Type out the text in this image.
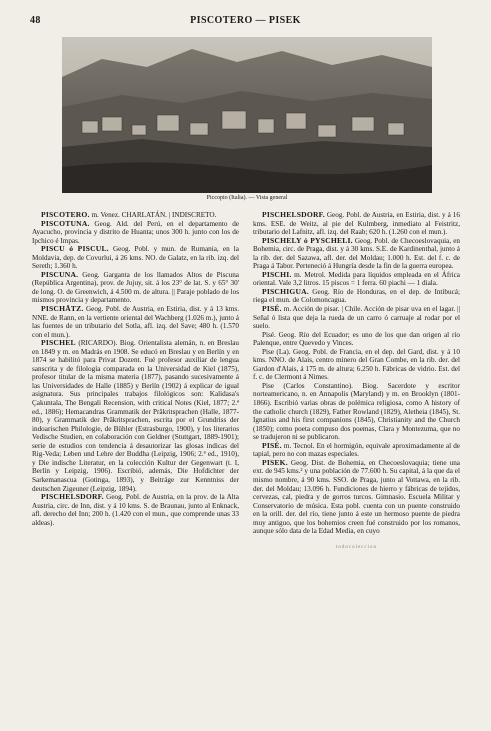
48	PISCOTERO — PISEK
Piccopio (Italia). — Vista general

PISCOTERO. m. Venez. CHARLATÁN. | INDISCRETO.

PISCOTUNA. Geog. Ald. del Perú, en el departamento de Ayacucho, provincia y distrito de Huanta; unos 300 h. junto con los de Ipchico é Impas.

PISCU ó PISCUL. Geog. Pobl. y mun. de Rumania, en la Moldavia, dep. de Covurlui, á 26 kms. NO. de Galatz, en la rib. izq. del Sereth; 1.360 h.

PISCUNA. Geog. Garganta de los llamados Altos de Piscuna (República Argentina), prov. de Jujuy, sit. á los 23° de lat. S. y 65° 30' de long. O. de Greenwich, á 4.500 m. de altura. || Paraje poblado de los mismos provincia y departamento.

PISCHÄTZ. Geog. Pobl. de Austria, en Estiria, dist. y á 13 kms. NNE. de Rann, en la vertiente oriental del Wachberg (1.026 m.), junto á las fuentes de un tributario del Sotla, afl. izq. del Save; 480 h. (1.570 con el mun.).

PISCHEL (RICARDO). Biog. Orientalista alemán, n. en Breslau en 1849 y m. en Madrás en 1908. Se educó en Breslau y en Berlín y en 1874 se habilitó para Privat Dozent. Fué profesor auxiliar de lengua sanscrita y de filología comparada en la Universidad de Kiel (1875), profesor titular de la misma materia (1877), pasando sucesivamente á las Universidades de Halle (1885) y Berlín (1902) á explicar de igual asignatura. Sus principales trabajos filológicos son: Kalidasa's Çakuntala, The Bengali Recension, with critical Notes (Kiel, 1877; 2.ª ed., 1886); Hemacandras Grammatik der Prâkritsprachen (Halle, 1877-80), y Grammatik der Prâkritsprachen, escrita por el Grundriss der indoarischen Philologie, de Bühler (Estrasburgo, 1900), y los literarios Vedische Studien, en colaboración con Geldner (Stuttgart, 1889-1901); serie de estudios con tendencia á desautorizar las glosas indicas del Rig-Veda; Leben und Lehre der Buddha (Leipzig, 1906; 2.ª ed., 1910), y Die indische Literatur, en la colección Kultur der Gegenwart (t. I, Berlín y Leipzig, 1906). Escribió, además, Die Hofdichter der Sarkemanascua (Gotinga, 1893), y Beiträge zur Kenntniss der deutschen Zigeuner (Leipzig, 1894).

PISCHELSDORF. Geog. Pobl. de Austria, en la prov. de la Alta Austria, circ. de Inn, dist. y á 10 kms. S. de Braunau, junto al Enknack, afl. derecho del Inn; 200 h. (1.420 con el mun., que comprende unas 33 aldeas).

PISCHELSDORF. Geog. Pobl. de Austria, en Estiria, dist. y á 16 kms. ESE. de Weitz, al pie del Kulmberg, inmediato al Feistritz, tributario del Lafnitz, afl. izq. del Raab; 620 h. (1.260 con el mun.).

PISCHELY ó PYSCHELI. Geog. Pobl. de Checoeslovaquia, en Bohemia, circ. de Praga, dist. y á 30 kms. S.E. de Kardinenthal, junto á la rib. der. del Sazawa, afl. der. del Moldau; 1.000 h. Est. del f. c. de Praga á Tabor. Perteneció á Hungría desde la fin de la guerra europea.

PISCHI. m. Metrol. Medida para líquidos empleada en el África oriental. Vale 3,2 litros. 15 piscos = 1 ferra. 60 piachi — 1 diala.

PISCHIGUA. Geog. Río de Honduras, en el dep. de Intibucá; riega el mun. de Colomoncagua.

PISÉ. m. Acción de pisar. | Chile. Acción de pisar uva en el lagar. || Señal ó lista que deja la rueda de un carro ó carruaje al rodar por el suelo.

Pisé. Geog. Río del Ecuador; es uno de los que dan origen al río Palenque, entre Quevedo y Vinces.

Pise (La). Geog. Pobl. de Francia, en el dep. del Gard, dist. y á 10 kms. NNO. de Alais, centro minero del Gran Combe, en la rib. der. del Gardon d'Alais, á 175 m. de altura; 6.250 h. Fábricas de vidrio. Est. del f. c. de Clermont á Nimes.

Pise (Carlos Constantino). Biog. Sacerdote y escritor norteamericano, n. en Annapolis (Maryland) y m. en Brooklyn (1801-1866). Escribió varias obras de polémica religiosa, como A history of the catholic church (1829), Father Rowland (1829), Aletheia (1845), St. Ignatius and his first companions (1845), Christianity and the Church (1850); como poeta compuso dos poemas, Clara y Montezuma, que no se tradujeron ni se publicaron.

PISÉ. m. Tecnol. En el hormigón, equivale aproximadamente al de tapial, pero no con mazas especiales.

PISEK. Geog. Dist. de Bohemia, en Checoeslovaquia; tiene una ext. de 945 kms.² y una población de 77.600 h. Su capital, á la que da el mismo nombre, á 90 kms. SSO. de Praga, junto al Vottawa, en la rib. der. del Moldau; 13.096 h. Fundiciones de hierro y fábricas de tejidos, cervezas, cal, piedra y de gorros turcos. Gimnasio. Escuela Militar y Conservatorio de música. Esta pobl. cuenta con un puente construido en la orill. der. del río, tiene junto á este un hermoso puente de piedra muy antiguo, que los bohemios creen fué construido por los romanos, aunque sólo data de la Edad Media, en cuyo

todocoleccion
